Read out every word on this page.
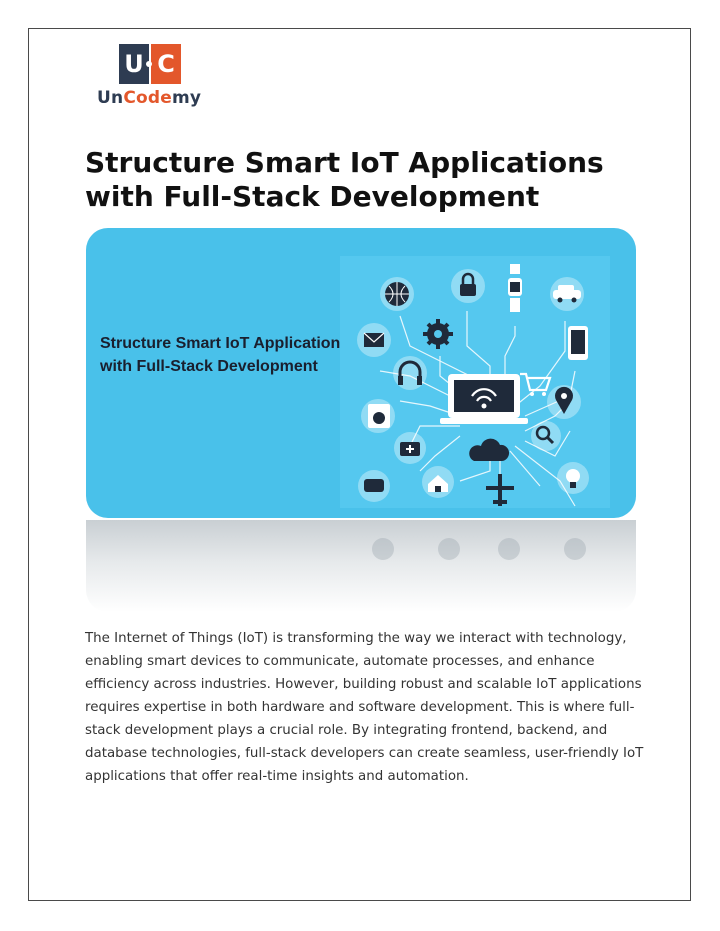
U C
UnCodemy
Structure Smart IoT Applications with Full-Stack Development
Structure Smart IoT Applications with Full-Stack Development

The Internet of Things (IoT) is transforming the way we interact with technology, enabling smart devices to communicate, automate processes, and enhance efficiency across industries. However, building robust and scalable IoT applications requires expertise in both hardware and software development. This is where full-stack development plays a crucial role. By integrating frontend, backend, and database technologies, full-stack developers can create seamless, user-friendly IoT applications that offer real-time insights and automation.
